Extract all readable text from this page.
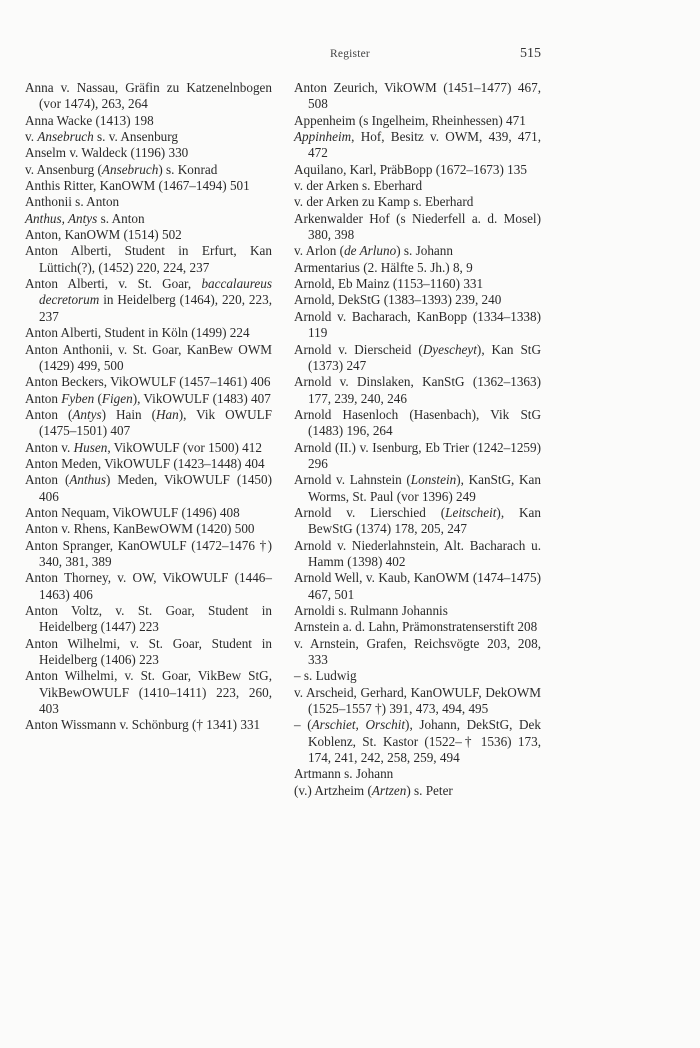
Register	515

Anna v. Nassau, Gräfin zu Katzenelnbogen (vor 1474), 263, 264

Anna Wacke (1413) 198

v. Ansebruch s. v. Ansenburg

Anselm v. Waldeck (1196) 330

v. Ansenburg (Ansebruch) s. Konrad

Anthis Ritter, KanOWM (1467–1494) 501

Anthonii s. Anton

Anthus, Antys s. Anton

Anton, KanOWM (1514) 502

Anton Alberti, Student in Erfurt, Kan Lüttich(?), (1452) 220, 224, 237

Anton Alberti, v. St. Goar, baccalaureus decretorum in Heidelberg (1464), 220, 223, 237

Anton Alberti, Student in Köln (1499) 224

Anton Anthonii, v. St. Goar, KanBew OWM (1429) 499, 500

Anton Beckers, VikOWULF (1457–1461) 406

Anton Fyben (Figen), VikOWULF (1483) 407

Anton (Antys) Hain (Han), Vik OWULF (1475–1501) 407

Anton v. Husen, VikOWULF (vor 1500) 412

Anton Meden, VikOWULF (1423–1448) 404

Anton (Anthus) Meden, VikOWULF (1450) 406

Anton Nequam, VikOWULF (1496) 408

Anton v. Rhens, KanBewOWM (1420) 500

Anton Spranger, KanOWULF (1472–1476 †) 340, 381, 389

Anton Thorney, v. OW, VikOWULF (1446–1463) 406

Anton Voltz, v. St. Goar, Student in Heidelberg (1447) 223

Anton Wilhelmi, v. St. Goar, Student in Heidelberg (1406) 223

Anton Wilhelmi, v. St. Goar, VikBew StG, VikBewOWULF (1410–1411) 223, 260, 403

Anton Wissmann v. Schönburg († 1341) 331

Anton Zeurich, VikOWM (1451–1477) 467, 508

Appenheim (s Ingelheim, Rheinhessen) 471

Appinheim, Hof, Besitz v. OWM, 439, 471, 472

Aquilano, Karl, PräbBopp (1672–1673) 135

v. der Arken s. Eberhard

v. der Arken zu Kamp s. Eberhard

Arkenwalder Hof (s Niederfell a. d. Mosel) 380, 398

v. Arlon (de Arluno) s. Johann

Armentarius (2. Hälfte 5. Jh.) 8, 9

Arnold, Eb Mainz (1153–1160) 331

Arnold, DekStG (1383–1393) 239, 240

Arnold v. Bacharach, KanBopp (1334–1338) 119

Arnold v. Dierscheid (Dyescheyt), Kan StG (1373) 247

Arnold v. Dinslaken, KanStG (1362–1363) 177, 239, 240, 246

Arnold Hasenloch (Hasenbach), Vik StG (1483) 196, 264

Arnold (II.) v. Isenburg, Eb Trier (1242–1259) 296

Arnold v. Lahnstein (Lonstein), KanStG, Kan Worms, St. Paul (vor 1396) 249

Arnold v. Lierschied (Leitscheit), Kan BewStG (1374) 178, 205, 247

Arnold v. Niederlahnstein, Alt. Bacharach u. Hamm (1398) 402

Arnold Well, v. Kaub, KanOWM (1474–1475) 467, 501

Arnoldi s. Rulmann Johannis

Arnstein a. d. Lahn, Prämonstratenserstift 208

v. Arnstein, Grafen, Reichsvögte 203, 208, 333

– s. Ludwig

v. Arscheid, Gerhard, KanOWULF, DekOWM (1525–1557 †) 391, 473, 494, 495

– (Arschiet, Orschit), Johann, DekStG, Dek Koblenz, St. Kastor (1522–† 1536) 173, 174, 241, 242, 258, 259, 494

Artmann s. Johann

(v.) Artzheim (Artzen) s. Peter
